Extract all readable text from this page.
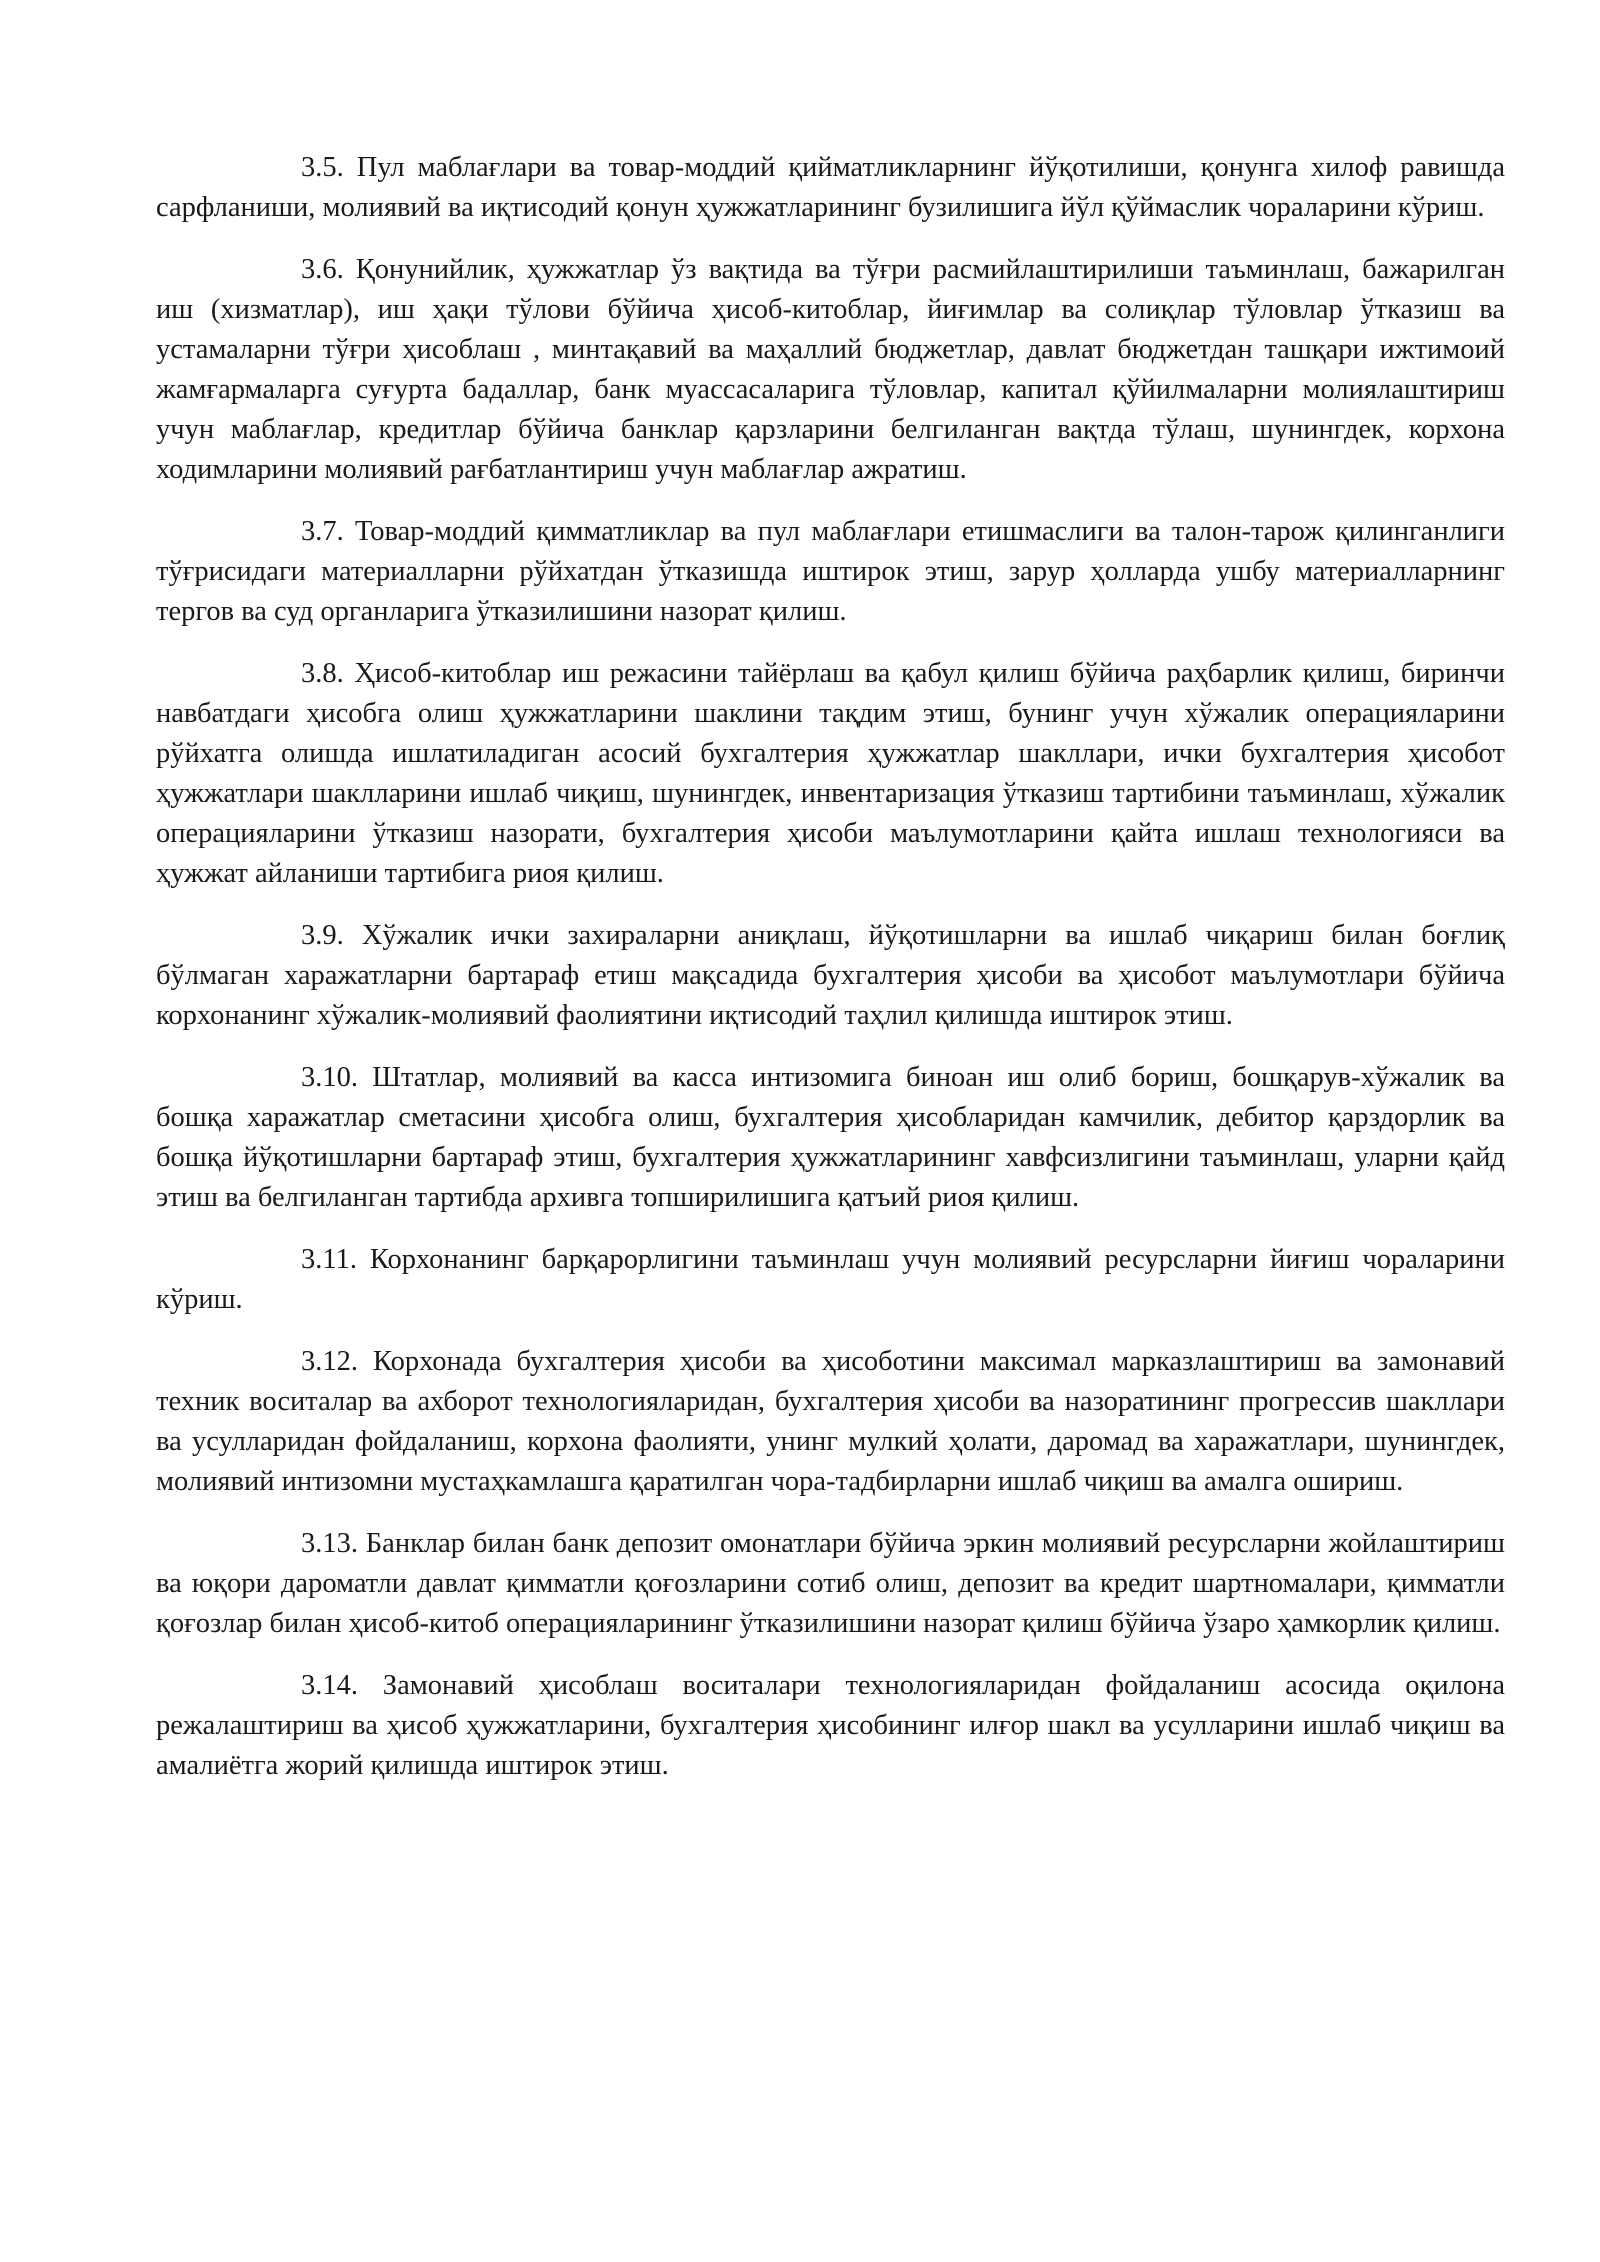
3.5. Пул маблағлари ва товар-моддий қийматликларнинг йўқотилиши, қонунга хилоф равишда сарфланиши, молиявий ва иқтисодий қонун ҳужжатларининг бузилишига йўл қўймаслик чораларини кўриш.

3.6. Қонунийлик, ҳужжатлар ўз вақтида ва тўғри расмийлаштирилиши таъминлаш, бажарилган иш (хизматлар), иш ҳақи тўлови бўйича ҳисоб-китоблар, йиғимлар ва солиқлар тўловлар ўтказиш ва устамаларни тўғри ҳисоблаш , минтақавий ва маҳаллий бюджетлар, давлат бюджетдан ташқари ижтимоий жамғармаларга суғурта бадаллар, банк муассасаларига тўловлар, капитал қўйилмаларни молиялаштириш учун маблағлар, кредитлар бўйича банклар қарзларини белгиланган вақтда тўлаш, шунингдек, корхона ходимларини молиявий рағбатлантириш учун маблағлар ажратиш.

3.7. Товар-моддий қимматликлар ва пул маблағлари етишмаслиги ва талон-тарож қилинганлиги тўғрисидаги материалларни рўйхатдан ўтказишда иштирок этиш, зарур ҳолларда ушбу материалларнинг тергов ва суд органларига ўтказилишини назорат қилиш.

3.8. Ҳисоб-китоблар иш режасини тайёрлаш ва қабул қилиш бўйича раҳбарлик қилиш, биринчи навбатдаги ҳисобга олиш ҳужжатларини шаклини тақдим этиш, бунинг учун хўжалик операцияларини рўйхатга олишда ишлатиладиган асосий бухгалтерия ҳужжатлар шакллари, ички бухгалтерия ҳисобот ҳужжатлари шаклларини ишлаб чиқиш, шунингдек, инвентаризация ўтказиш тартибини таъминлаш, хўжалик операцияларини ўтказиш назорати, бухгалтерия ҳисоби маълумотларини қайта ишлаш технологияси ва ҳужжат айланиши тартибига риоя қилиш.

3.9. Хўжалик ички захираларни аниқлаш, йўқотишларни ва ишлаб чиқариш билан боғлиқ бўлмаган харажатларни бартараф етиш мақсадида бухгалтерия ҳисоби ва ҳисобот маълумотлари бўйича корхонанинг хўжалик-молиявий фаолиятини иқтисодий таҳлил қилишда иштирок этиш.

3.10. Штатлар, молиявий ва касса интизомига биноан иш олиб бориш, бошқарув-хўжалик ва бошқа харажатлар сметасини ҳисобга олиш, бухгалтерия ҳисобларидан камчилик, дебитор қарздорлик ва бошқа йўқотишларни бартараф этиш, бухгалтерия ҳужжатларининг хавфсизлигини таъминлаш, уларни қайд этиш ва белгиланган тартибда архивга топширилишига қатъий риоя қилиш.

3.11. Корхонанинг барқарорлигини таъминлаш учун молиявий ресурсларни йиғиш чораларини кўриш.

3.12. Корхонада бухгалтерия ҳисоби ва ҳисоботини максимал марказлаштириш ва замонавий техник воситалар ва ахборот технологияларидан, бухгалтерия ҳисоби ва назоратининг прогрессив шакллари ва усулларидан фойдаланиш, корхона фаолияти, унинг мулкий ҳолати, даромад ва харажатлари, шунингдек, молиявий интизомни мустаҳкамлашга қаратилган чора-тадбирларни ишлаб чиқиш ва амалга ошириш.

3.13. Банклар билан банк депозит омонатлари бўйича эркин молиявий ресурсларни жойлаштириш ва юқори дароматли давлат қимматли қоғозларини сотиб олиш, депозит ва кредит шартномалари, қимматли қоғозлар билан ҳисоб-китоб операцияларининг ўтказилишини назорат қилиш бўйича ўзаро ҳамкорлик қилиш.

3.14. Замонавий ҳисоблаш воситалари технологияларидан фойдаланиш асосида оқилона режалаштириш ва ҳисоб ҳужжатларини, бухгалтерия ҳисобининг илғор шакл ва усулларини ишлаб чиқиш ва амалиётга жорий қилишда иштирок этиш.
